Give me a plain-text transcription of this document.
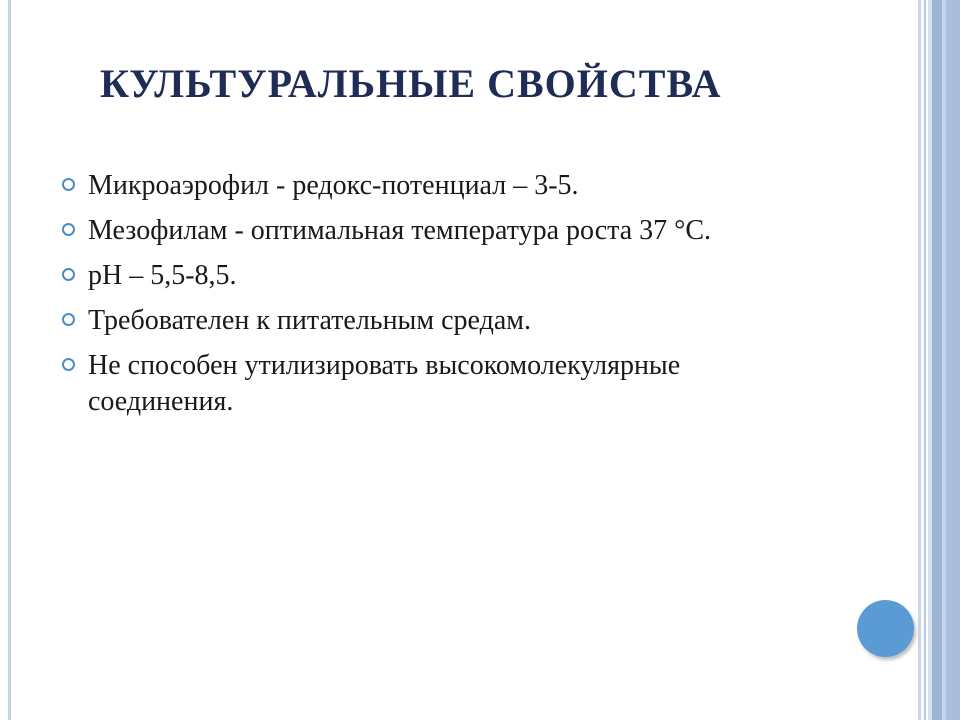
КУЛЬТУРАЛЬНЫЕ СВОЙСТВА
Микроаэрофил - редокс-потенциал – 3-5.
Мезофилам - оптимальная температура роста 37 °С.
рН – 5,5-8,5.
Требователен к питательным средам.
Не способен утилизировать высокомолекулярные соединения.
